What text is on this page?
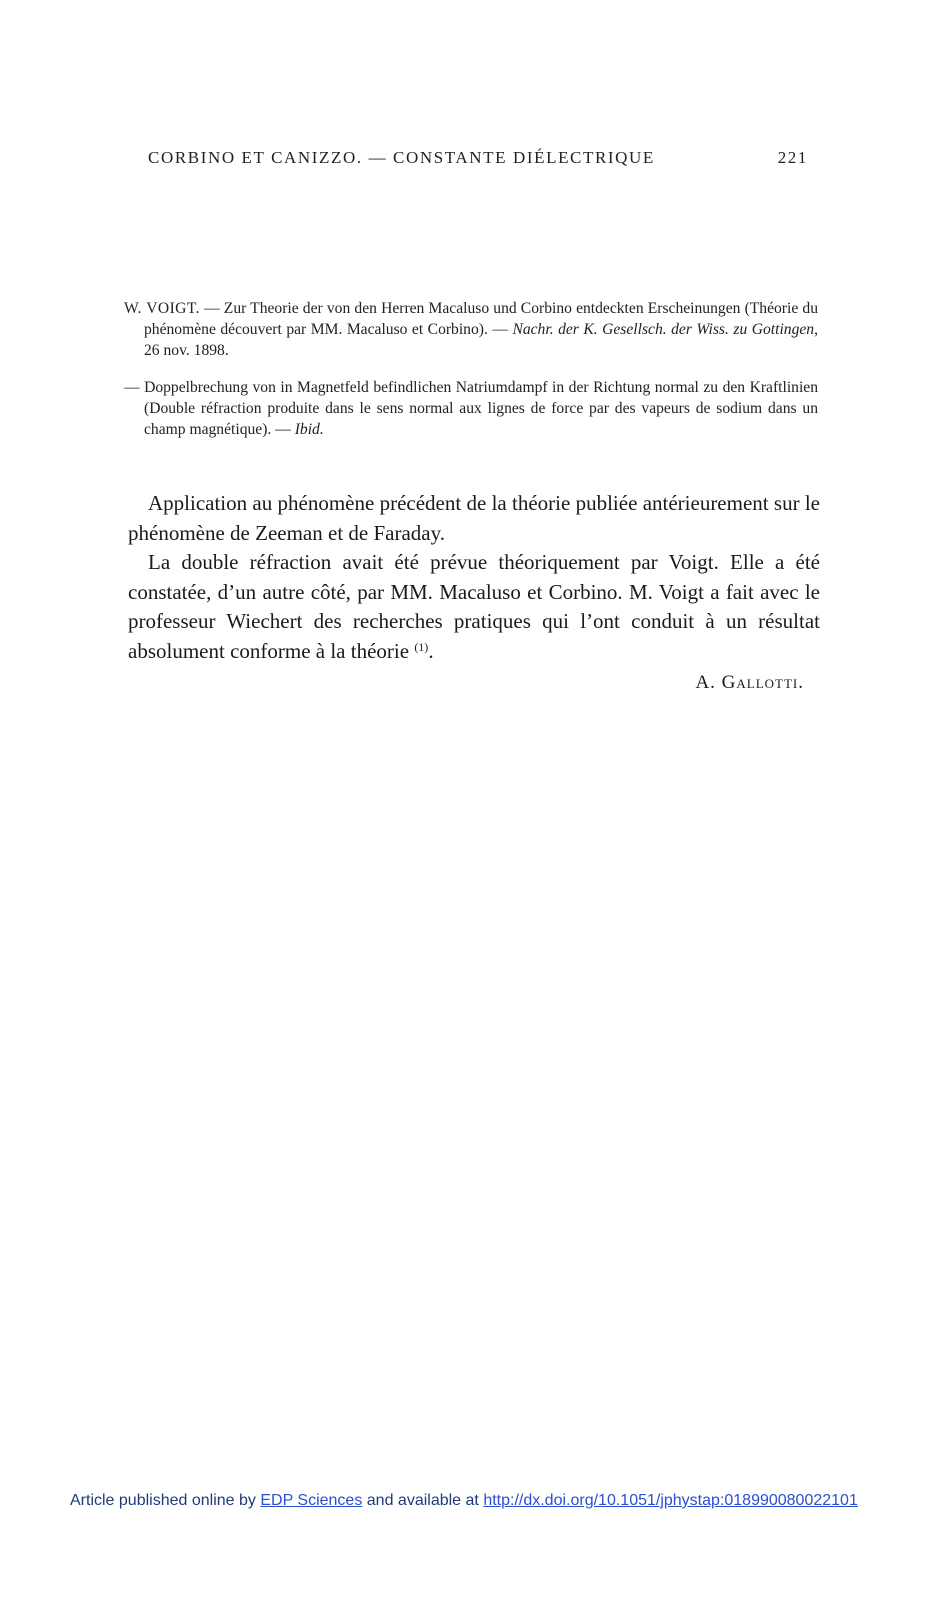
CORBINO ET CANIZZO. — CONSTANTE DIÉLECTRIQUE	221

W. VOIGT. — Zur Theorie der von den Herren Macaluso und Corbino entdeckten Erscheinungen (Théorie du phénomène découvert par MM. Macaluso et Corbino). — Nachr. der K. Gesellsch. der Wiss. zu Gottingen, 26 nov. 1898.

— Doppelbrechung von in Magnetfeld befindlichen Natriumdampf in der Richtung normal zu den Kraftlinien (Double réfraction produite dans le sens normal aux lignes de force par des vapeurs de sodium dans un champ magnétique). — Ibid.

Application au phénomène précédent de la théorie publiée antérieurement sur le phénomène de Zeeman et de Faraday.

La double réfraction avait été prévue théoriquement par Voigt. Elle a été constatée, d’un autre côté, par MM. Macaluso et Corbino. M. Voigt a fait avec le professeur Wiechert des recherches pratiques qui l’ont conduit à un résultat absolument conforme à la théorie $^{(1)}$.

A. Gallotti.
Article published online by EDP Sciences and available at http://dx.doi.org/10.1051/jphystap:018990080022101
